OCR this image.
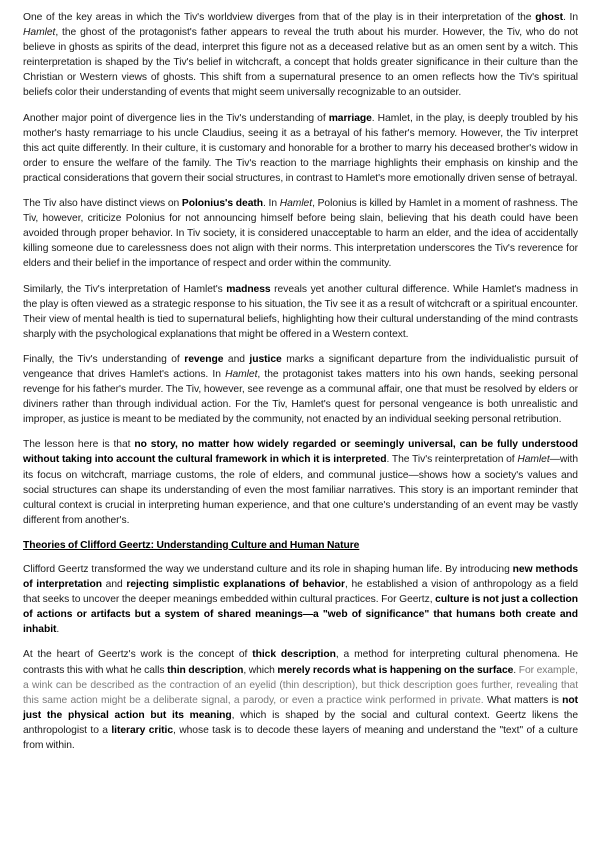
One of the key areas in which the Tiv's worldview diverges from that of the play is in their interpretation of the ghost. In Hamlet, the ghost of the protagonist's father appears to reveal the truth about his murder. However, the Tiv, who do not believe in ghosts as spirits of the dead, interpret this figure not as a deceased relative but as an omen sent by a witch. This reinterpretation is shaped by the Tiv's belief in witchcraft, a concept that holds greater significance in their culture than the Christian or Western views of ghosts. This shift from a supernatural presence to an omen reflects how the Tiv's spiritual beliefs color their understanding of events that might seem universally recognizable to an outsider.

Another major point of divergence lies in the Tiv's understanding of marriage. Hamlet, in the play, is deeply troubled by his mother's hasty remarriage to his uncle Claudius, seeing it as a betrayal of his father's memory. However, the Tiv interpret this act quite differently. In their culture, it is customary and honorable for a brother to marry his deceased brother's widow in order to ensure the welfare of the family. The Tiv's reaction to the marriage highlights their emphasis on kinship and the practical considerations that govern their social structures, in contrast to Hamlet's more emotionally driven sense of betrayal.

The Tiv also have distinct views on Polonius's death. In Hamlet, Polonius is killed by Hamlet in a moment of rashness. The Tiv, however, criticize Polonius for not announcing himself before being slain, believing that his death could have been avoided through proper behavior. In Tiv society, it is considered unacceptable to harm an elder, and the idea of accidentally killing someone due to carelessness does not align with their norms. This interpretation underscores the Tiv's reverence for elders and their belief in the importance of respect and order within the community.

Similarly, the Tiv's interpretation of Hamlet's madness reveals yet another cultural difference. While Hamlet's madness in the play is often viewed as a strategic response to his situation, the Tiv see it as a result of witchcraft or a spiritual encounter. Their view of mental health is tied to supernatural beliefs, highlighting how their cultural understanding of the mind contrasts sharply with the psychological explanations that might be offered in a Western context.

Finally, the Tiv's understanding of revenge and justice marks a significant departure from the individualistic pursuit of vengeance that drives Hamlet's actions. In Hamlet, the protagonist takes matters into his own hands, seeking personal revenge for his father's murder. The Tiv, however, see revenge as a communal affair, one that must be resolved by elders or diviners rather than through individual action. For the Tiv, Hamlet's quest for personal vengeance is both unrealistic and improper, as justice is meant to be mediated by the community, not enacted by an individual seeking personal retribution.

The lesson here is that no story, no matter how widely regarded or seemingly universal, can be fully understood without taking into account the cultural framework in which it is interpreted. The Tiv's reinterpretation of Hamlet—with its focus on witchcraft, marriage customs, the role of elders, and communal justice—shows how a society's values and social structures can shape its understanding of even the most familiar narratives. This story is an important reminder that cultural context is crucial in interpreting human experience, and that one culture's understanding of an event may be vastly different from another's.

Theories of Clifford Geertz: Understanding Culture and Human Nature

Clifford Geertz transformed the way we understand culture and its role in shaping human life. By introducing new methods of interpretation and rejecting simplistic explanations of behavior, he established a vision of anthropology as a field that seeks to uncover the deeper meanings embedded within cultural practices. For Geertz, culture is not just a collection of actions or artifacts but a system of shared meanings—a "web of significance" that humans both create and inhabit.

At the heart of Geertz's work is the concept of thick description, a method for interpreting cultural phenomena. He contrasts this with what he calls thin description, which merely records what is happening on the surface. For example, a wink can be described as the contraction of an eyelid (thin description), but thick description goes further, revealing that this same action might be a deliberate signal, a parody, or even a practice wink performed in private. What matters is not just the physical action but its meaning, which is shaped by the social and cultural context. Geertz likens the anthropologist to a literary critic, whose task is to decode these layers of meaning and understand the "text" of a culture from within.
